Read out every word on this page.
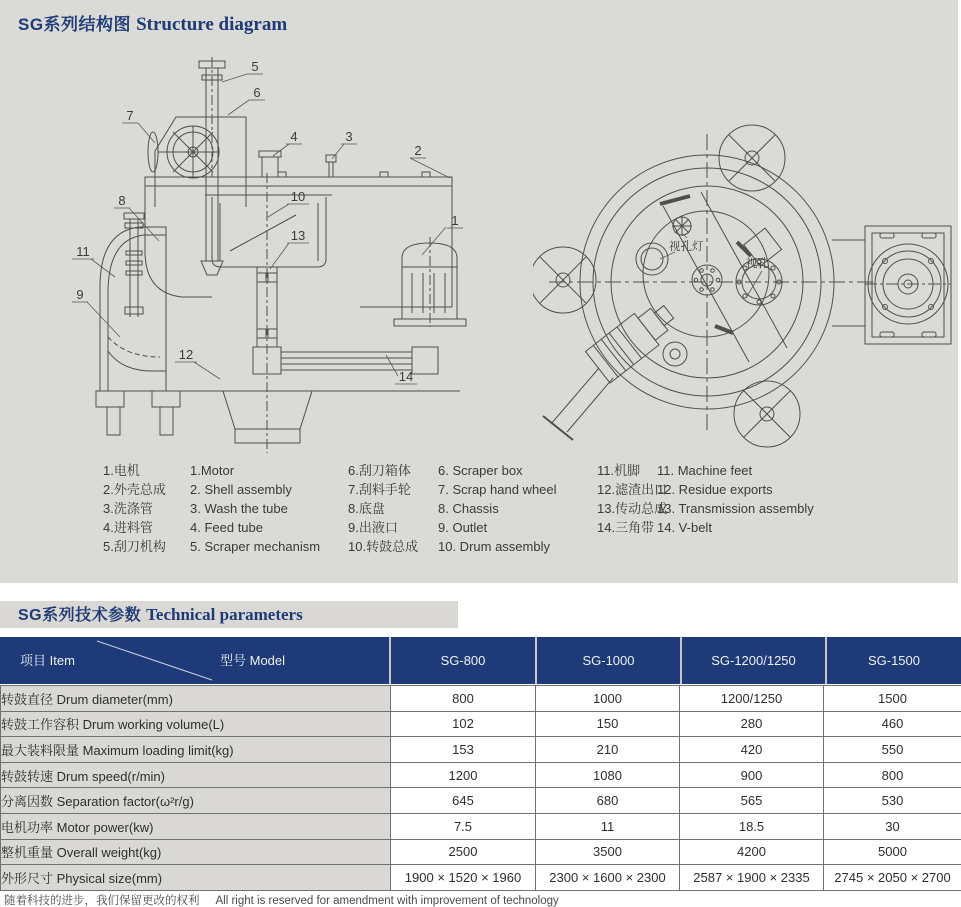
SG系列结构图 Structure diagram
1
2
3
4
5
6
7
8
9
10
11
12
13
14
视孔灯
视孔
1.电机	1.Motor
2.外壳总成	2. Shell assembly
3.洗涤管	3. Wash the tube
4.进料管	4. Feed tube
5.刮刀机构	5. Scraper mechanism
6.刮刀箱体	6. Scraper box
7.刮料手轮	7. Scrap hand wheel
8.底盘	8. Chassis
9.出液口	9. Outlet
10.转鼓总成	10. Drum assembly
11.机脚	11. Machine feet
12.滤渣出口
12. Residue exports
13.传动总成
13. Transmission assembly
14.三角带 14. V-belt
SG系列技术参数 Technical parameters
项目 Item	型号 Model	SG-800	SG-1000	SG-1200/1250	SG-1500
转鼓直径 Drum diameter(mm)	800	1000	1200/1250	1500
转鼓工作容积 Drum working volume(L)	102	150	280	460
最大装料限量 Maximum loading limit(kg)	153	210	420	550
转鼓转速 Drum speed(r/min)	1200	1080	900	800
分离因数 Separation factor(ω²r/g)	645	680	565	530
电机功率 Motor power(kw)	7.5	11	18.5	30
整机重量 Overall weight(kg)	2500	3500	4200	5000
外形尺寸 Physical size(mm)	1900 × 1520 × 1960	2300 × 1600 × 2300	2587 × 1900 × 2335	2745 × 2050 × 2700
随着科技的进步，我们保留更改的权利 All right is reserved for amendment with improvement of technology
